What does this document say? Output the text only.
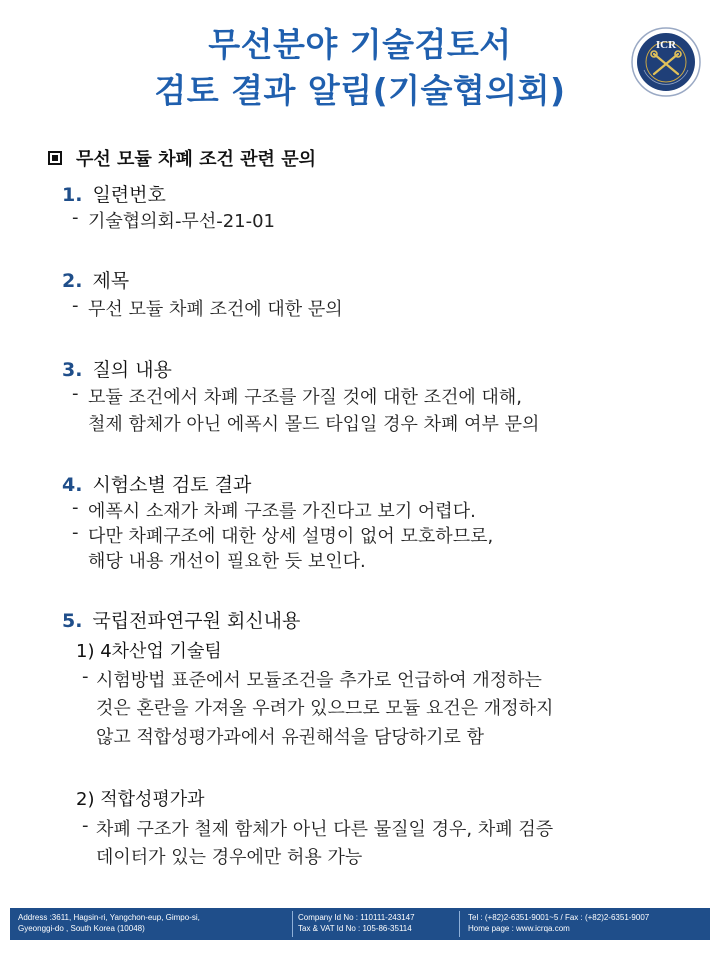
무선분야 기술검토서
검토 결과 알림(기술협의회)
ICR
무선 모듈 차폐 조건 관련 문의
1. 일련번호
- 기술협의회-무선-21-01
2. 제목
- 무선 모듈 차폐 조건에 대한 문의
3. 질의 내용
- 모듈 조건에서 차폐 구조를 가질 것에 대한 조건에 대해,
철제 함체가 아닌 에폭시 몰드 타입일 경우 차폐 여부 문의
4. 시험소별 검토 결과
- 에폭시 소재가 차폐 구조를 가진다고 보기 어렵다.
- 다만 차폐구조에 대한 상세 설명이 없어 모호하므로,
해당 내용 개선이 필요한 듯 보인다.
5. 국립전파연구원 회신내용
1) 4차산업 기술팀
- 시험방법 표준에서 모듈조건을 추가로 언급하여 개정하는
것은 혼란을 가져올 우려가 있으므로 모듈 요건은 개정하지
않고 적합성평가과에서 유권해석을 담당하기로 함
2) 적합성평가과
- 차폐 구조가 철제 함체가 아닌 다른 물질일 경우, 차폐 검증
데이터가 있는 경우에만 허용 가능
Address :3611, Hagsin-ri, Yangchon-eup, Gimpo-si,
Gyeonggi-do , South Korea (10048)
Company Id No : 110111-243147
Tax & VAT Id No : 105-86-35114
Tel : (+82)2-6351-9001~5 / Fax : (+82)2-6351-9007
Home page : www.icrqa.com
